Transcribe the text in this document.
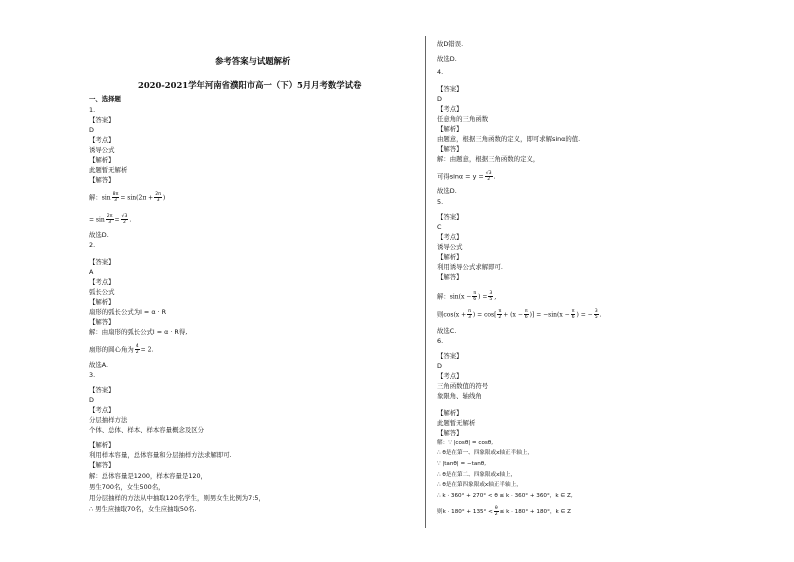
参考答案与试题解析
2020-2021学年河南省濮阳市高一（下）5月月考数学试卷
一、选择题
1.
【答案】
D
【考点】
诱导公式
【解析】
此题暂无解析
【解答】
解：$\sin \frac{8\pi}{3} = \sin(2\pi + \frac{2\pi}{3}$ )
= $\sin \frac{2\pi}{3} = \frac{√3}{2}$ .
故选D.
2.
【答案】
A
【考点】
弧长公式
【解析】
扇形的弧长公式为l = α · R
【解答】
解：由扇形的弧长公式l = α · R得,
扇形的圆心角为 $\frac{4}{2} = 2$.
故选A.
3.
【答案】
D
【考点】
分层抽样方法
个体、总体、样本、样本容量概念及区分
【解析】
利用样本容量，总体容量和分层抽样方法求解即可.
【解答】
解：总体容量是1200，样本容量是120，
男生700名，女生500名，
用分层抽样的方法从中抽取120名学生，则男女生比例为7:5，
∴ 男生应抽取70名，女生应抽取50名.
故D错误.
故选D.
4.
【答案】
D
【考点】
任意角的三角函数
【解析】
由题意，根据三角函数的定义，即可求解sinα的值.
【解答】
解：由题意，根据三角函数的定义，
可得$\sin\alpha = y = \frac{√3}{2}$ .
故选D.
5.
【答案】
C
【考点】
诱导公式
【解析】
利用诱导公式求解即可.
【解答】
解：$\sin(x - \frac{\pi}{6}$ ) = $\frac{3}{5}$ ,
则$\cos(x + \frac{\pi}{3}$ ) = $\cos[ \frac{\pi}{2} + (x - \frac{\pi}{6}$ )] = $-\sin(x - \frac{\pi}{6}$ ) = − $\frac{3}{5}$ .
故选C.
6.
【答案】
D
【考点】
三角函数值的符号
象限角、轴线角
【解析】
此题暂无解析
【解答】
解：∵ |cosθ| = cosθ,
∴ θ是在第一、四象限或x轴正半轴上，
∵ |tanθ| = −tanθ,
∴ θ是在第二、四象限或x轴上，
∴ θ是在第四象限或x轴正半轴上，
∴ k · 360° + 270° < θ ≤ k · 360° + 360°，k ∈ Z,
则$k \cdot 180^\circ + 135^\circ < \frac{\theta}{2} \le k \cdot 180^\circ + 180^\circ$，k ∈ Z
